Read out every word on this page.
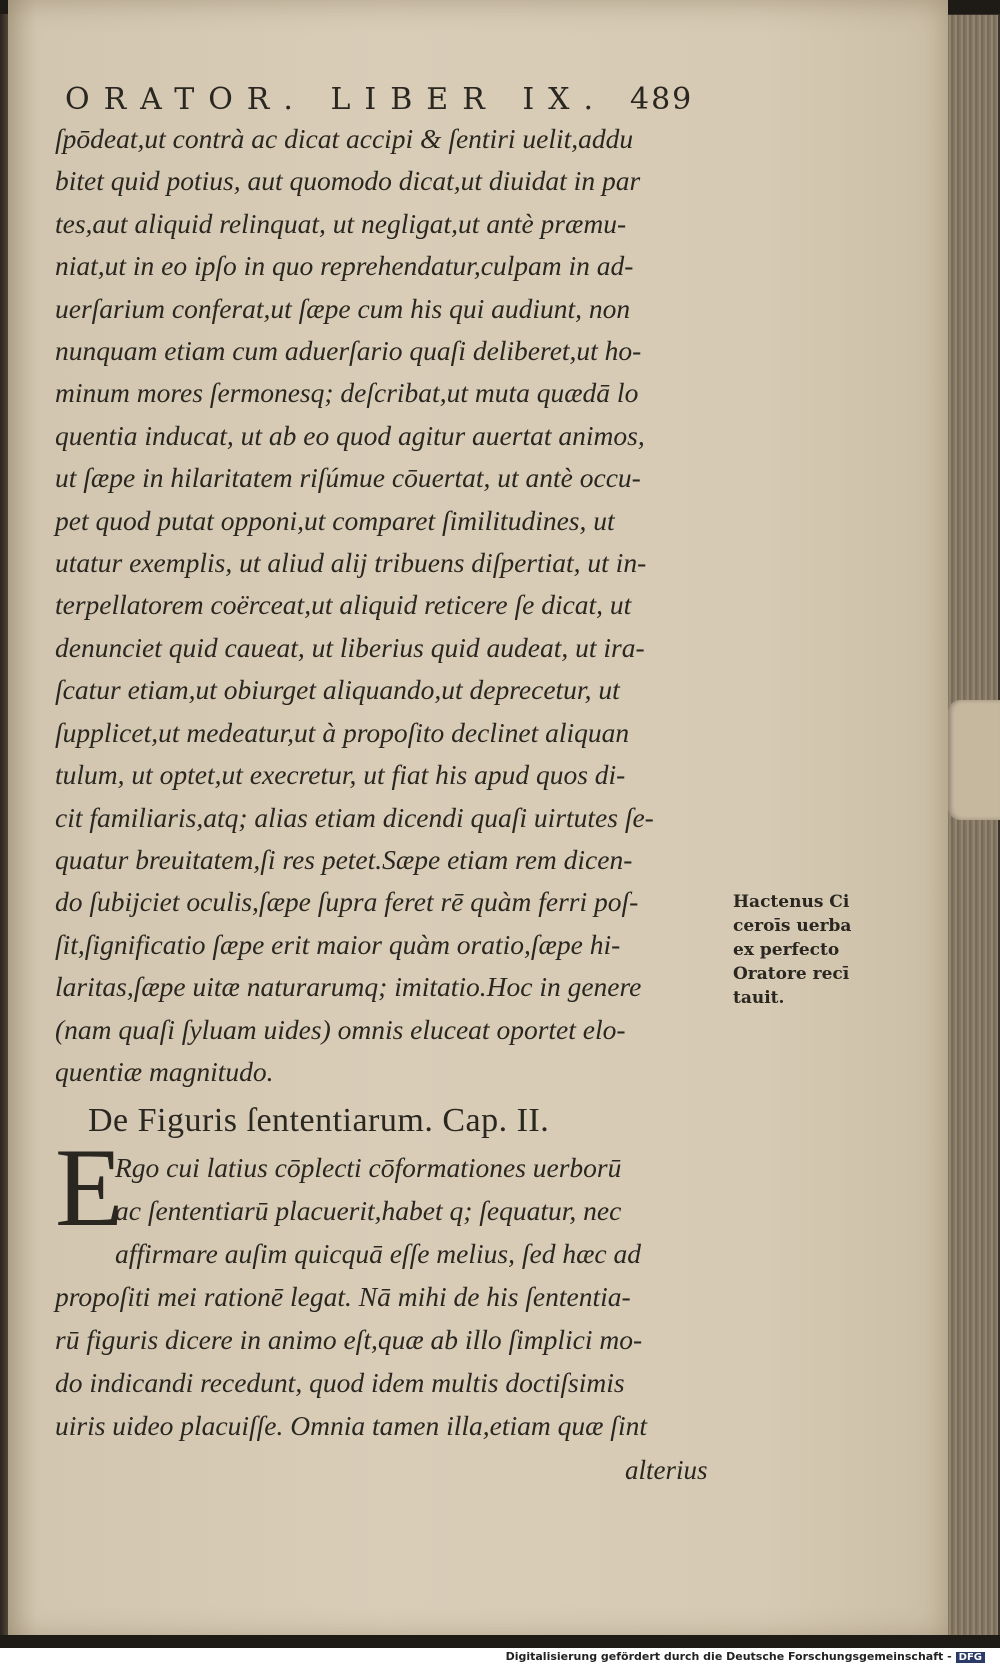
ORATOR. LIBER IX. 489
ſpōdeat,ut contrà ac dicat accipi & ſentiri uelit,addu
bitet quid potius, aut quomodo dicat,ut diuidat in par
tes,aut aliquid relinquat, ut negligat,ut antè præmu-
niat,ut in eo ipſo in quo reprehendatur,culpam in ad-
uerſarium conferat,ut ſæpe cum his qui audiunt, non
nunquam etiam cum aduerſario quaſi deliberet,ut ho-
minum mores ſermonesq; deſcribat,ut muta quædā lo
quentia inducat, ut ab eo quod agitur auertat animos,
ut ſæpe in hilaritatem riſúmue cōuertat, ut antè occu-
pet quod putat opponi,ut comparet ſimilitudines, ut
utatur exemplis, ut aliud alij tribuens diſpertiat, ut in-
terpellatorem coërceat,ut aliquid reticere ſe dicat, ut
denunciet quid caueat, ut liberius quid audeat, ut ira-
ſcatur etiam,ut obiurget aliquando,ut deprecetur, ut
ſupplicet,ut medeatur,ut à propoſito declinet aliquan
tulum, ut optet,ut execretur, ut fiat his apud quos di-
cit familiaris,atq; alias etiam dicendi quaſi uirtutes ſe-
quatur breuitatem,ſi res petet.Sæpe etiam rem dicen-
do ſubijciet oculis,ſæpe ſupra feret rē quàm ferri poſ-
ſit,ſignificatio ſæpe erit maior quàm oratio,ſæpe hi-
laritas,ſæpe uitæ naturarumq; imitatio.Hoc in genere
(nam quaſi ſyluam uides) omnis eluceat oportet elo-
quentiæ magnitudo.
De Figuris ſententiarum. Cap. II.
E
Rgo cui latius cōplecti cōformationes uerborū
ac ſententiarū placuerit,habet q; ſequatur, nec
affirmare auſim quicquā eſſe melius, ſed hæc ad
propoſiti mei rationē legat. Nā mihi de his ſententia-
rū figuris dicere in animo eſt,quæ ab illo ſimplici mo-
do indicandi recedunt, quod idem multis doctiſsimis
uiris uideo placuiſſe. Omnia tamen illa,etiam quæ ſint
alterius
Hactenus Ci
ceroīs uerba
ex perfecto
Oratore recī
tauit.
Digitalisierung gefördert durch die Deutsche Forschungsgemeinschaft - DFG
